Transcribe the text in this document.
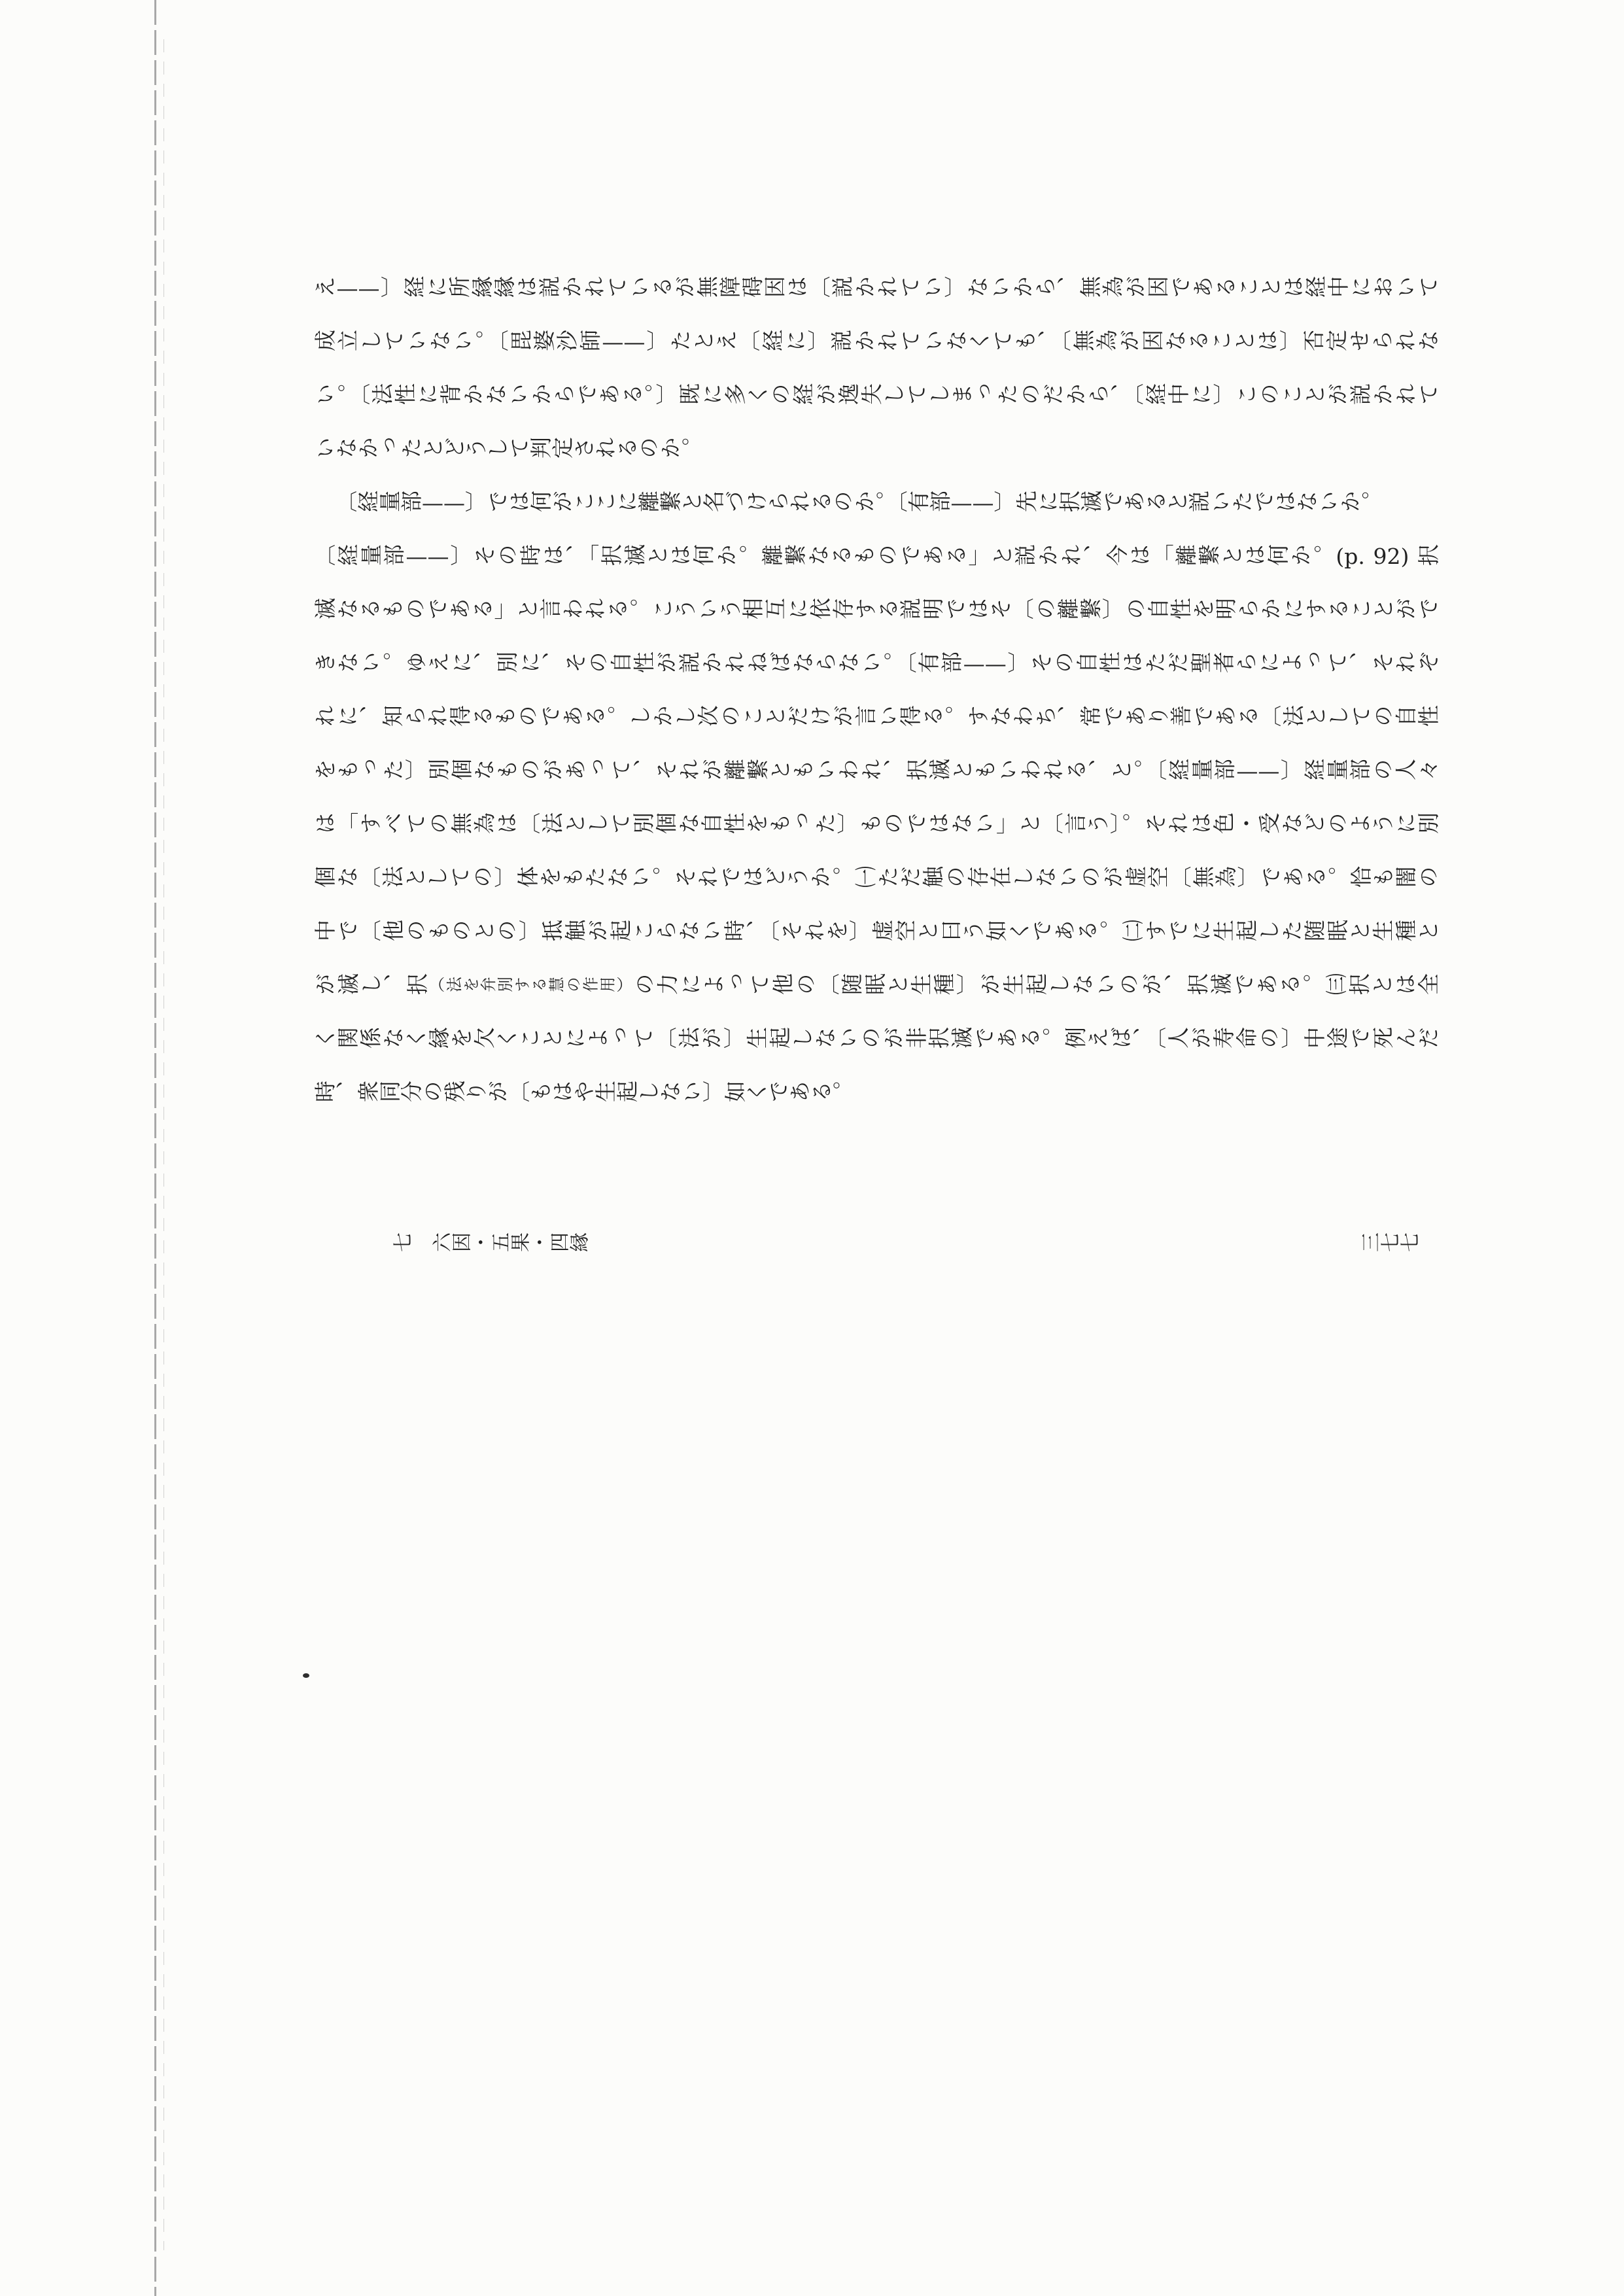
え——〕経に所縁縁は説かれているが無障碍因は〔説かれてい〕ないから、無為が因であることは経中において
成立していない。〔毘婆沙師——〕たとえ〔経に〕説かれていなくても、〔無為が因なることは〕否定せられな
い。〔法性に背かないからである。〕既に多くの経が逸失してしまったのだから、〔経中に〕このことが説かれて
いなかったとどうして判定されるのか。
〔経量部——〕では何がここに離繋と名づけられるのか。〔有部——〕先に択滅であると説いたではないか。
〔経量部——〕その時は、「択滅とは何か。離繋なるものである」と説かれ、今は「離繋とは何か。(p. 92) 択
滅なるものである」と言われる。こういう相互に依存する説明ではそ〔の離繋〕の自性を明らかにすることがで
きない。ゆえに、別に、その自性が説かれねばならない。〔有部——〕その自性はただ聖者らによって、それぞ
れに、知られ得るものである。しかし次のことだけが言い得る。すなわち、常であり善である〔法としての自性
をもった〕別個なものがあって、それが離繋ともいわれ、択滅ともいわれる、と。〔経量部——〕経量部の人々
は「すべての無為は〔法として別個な自性をもった〕ものではない」と〔言う〕。それは色・受などのように別
個な〔法としての〕体をもたない。それではどうか。㈠ただ触の存在しないのが虚空〔無為〕である。恰も闇の
中で〔他のものとの〕抵触が起こらない時、〔それを〕虚空と曰う如くである。㈡すでに生起した随眠と生種と
が滅し、択（法を弁別する慧の作用）の力によって他の〔随眠と生種〕が生起しないのが、択滅である。㈢択とは全
く関係なく縁を欠くことによって〔法が〕生起しないのが非択滅である。例えば、〔人が寿命の〕中途で死んだ
時、衆同分の残りが〔もはや生起しない〕如くである。
七　六因・五果・四縁	三七七
